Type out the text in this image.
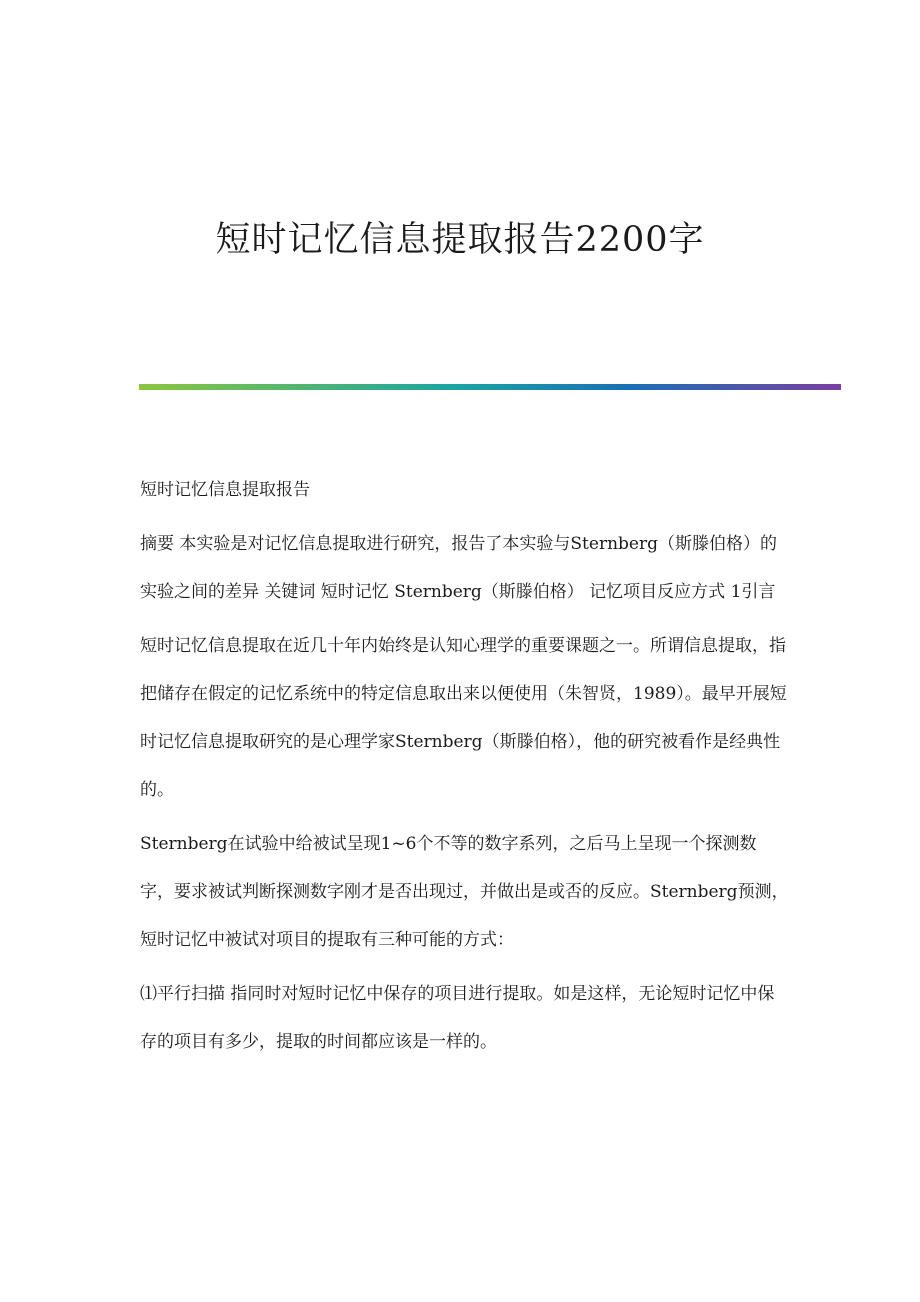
短时记忆信息提取报告2200字

短时记忆信息提取报告

摘要 本实验是对记忆信息提取进行研究，报告了本实验与Sternberg（斯滕伯格）的实验之间的差异 关键词 短时记忆 Sternberg（斯滕伯格） 记忆项目反应方式 1引言

短时记忆信息提取在近几十年内始终是认知心理学的重要课题之一。所谓信息提取，指把储存在假定的记忆系统中的特定信息取出来以便使用（朱智贤，1989）。最早开展短时记忆信息提取研究的是心理学家Sternberg（斯滕伯格），他的研究被看作是经典性的。

Sternberg在试验中给被试呈现1~6个不等的数字系列，之后马上呈现一个探测数字，要求被试判断探测数字刚才是否出现过，并做出是或否的反应。Sternberg预测，短时记忆中被试对项目的提取有三种可能的方式：

⑴平行扫描 指同时对短时记忆中保存的项目进行提取。如是这样，无论短时记忆中保存的项目有多少，提取的时间都应该是一样的。
